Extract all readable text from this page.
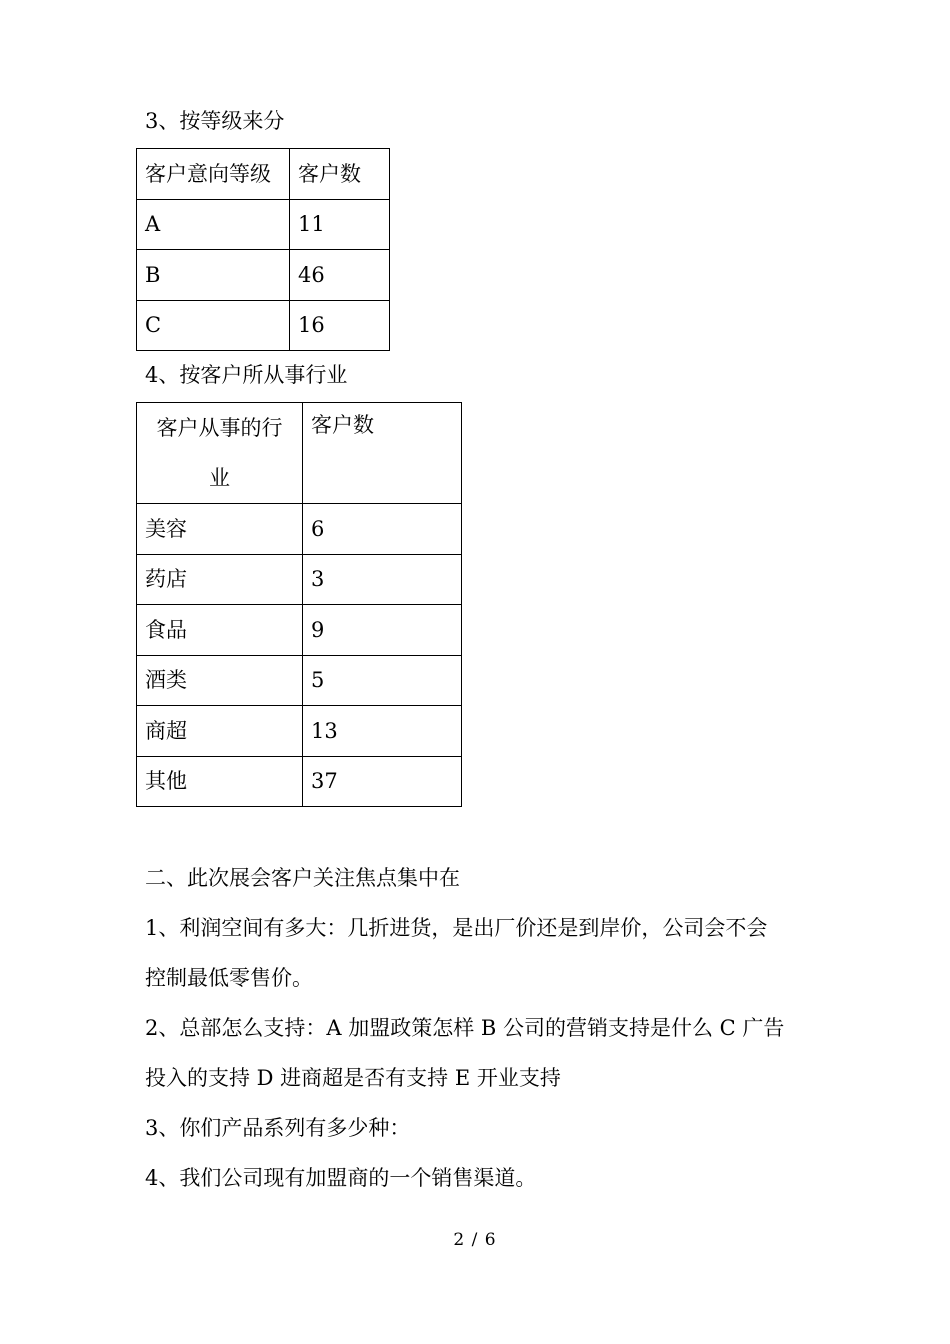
3、按等级来分

客户意向等级	客户数
A	11
B	46
C	16

4、按客户所从事行业

客户从事的行业	客户数
美容	6
药店	3
食品	9
酒类	5
商超	13
其他	37

二、此次展会客户关注焦点集中在

1、利润空间有多大：几折进货，是出厂价还是到岸价，公司会不会

控制最低零售价。

2、总部怎么支持：A 加盟政策怎样 B 公司的营销支持是什么 C 广告

投入的支持 D 进商超是否有支持 E 开业支持

3、你们产品系列有多少种：

4、我们公司现有加盟商的一个销售渠道。

2 / 6
